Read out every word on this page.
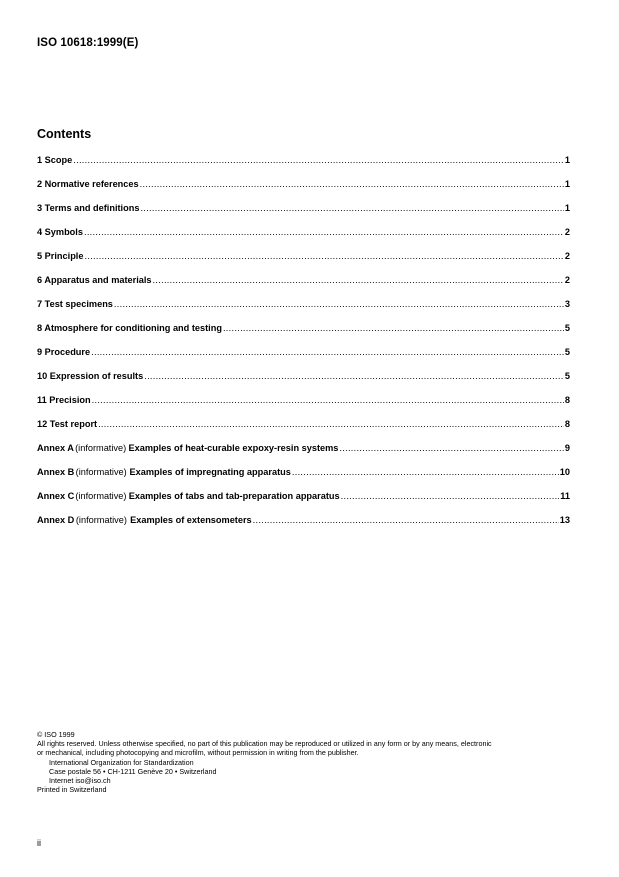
ISO 10618:1999(E)
Contents
1 Scope .....	1
2 Normative references .....	1
3 Terms and definitions .....	1
4 Symbols .....	2
5 Principle .....	2
6 Apparatus and materials .....	2
7 Test specimens .....	3
8 Atmosphere for conditioning and testing .....	5
9 Procedure .....	5
10 Expression of results .....	5
11 Precision .....	8
12 Test report .....	8
Annex A (informative) Examples of heat-curable expoxy-resin systems .....	9
Annex B (informative) Examples of impregnating apparatus .....	10
Annex C (informative) Examples of tabs and tab-preparation apparatus .....	11
Annex D (informative) Examples of extensometers .....	13
© ISO 1999
All rights reserved. Unless otherwise specified, no part of this publication may be reproduced or utilized in any form or by any means, electronic
or mechanical, including photocopying and microfilm, without permission in writing from the publisher.
International Organization for Standardization
Case postale 56 • CH-1211 Genève 20 • Switzerland
Internet iso@iso.ch
Printed in Switzerland
ii
